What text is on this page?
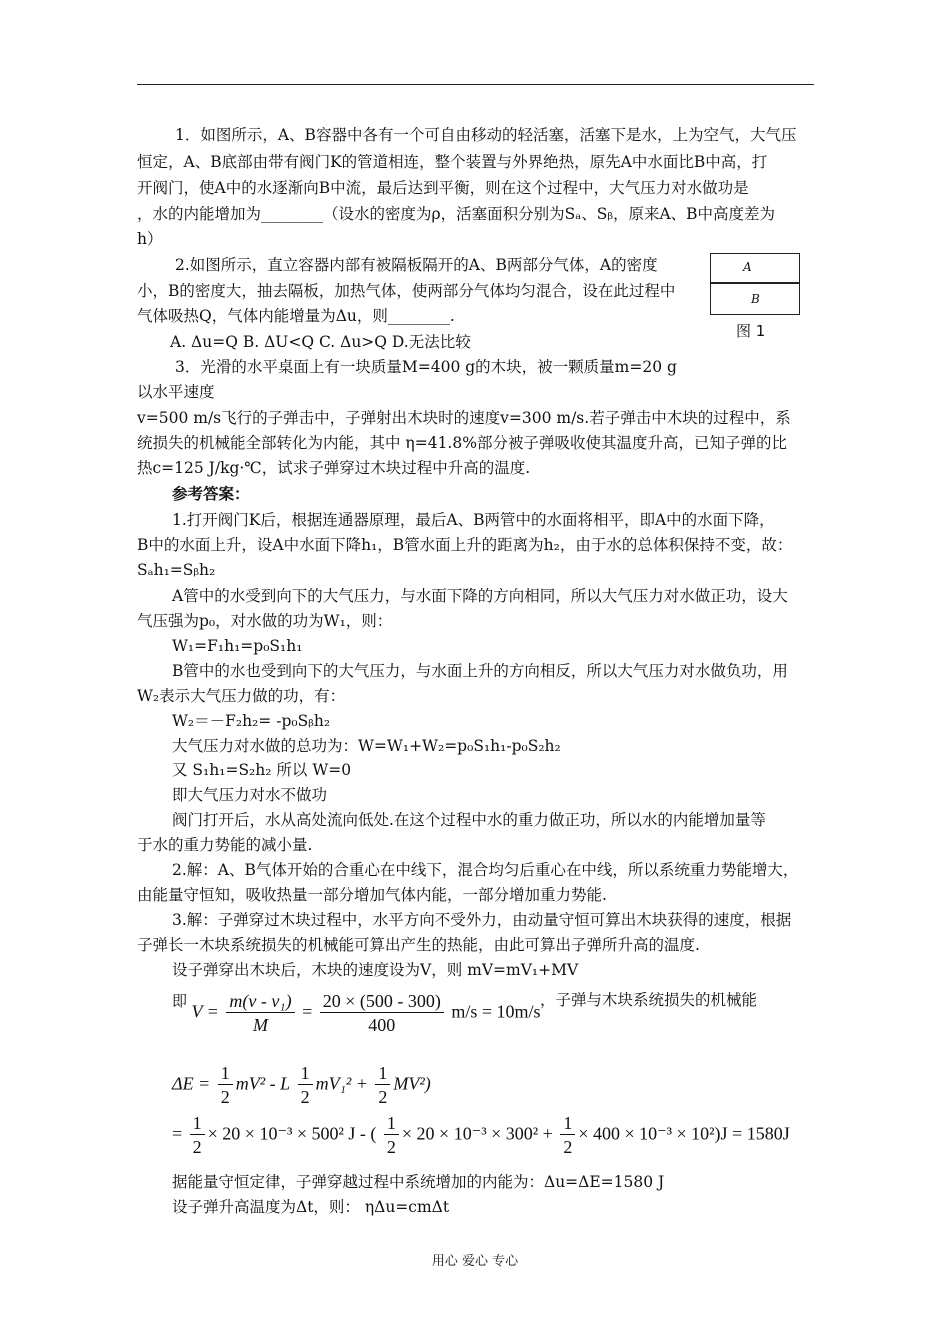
1．如图所示，A、B容器中各有一个可自由移动的轻活塞，活塞下是水，上为空气，大气压
恒定，A、B底部由带有阀门K的管道相连，整个装置与外界绝热，原先A中水面比B中高，打
开阀门，使A中的水逐渐向B中流，最后达到平衡，则在这个过程中，大气压力对水做功是
，水的内能增加为________（设水的密度为ρ，活塞面积分别为Sₐ、Sᵦ，原来A、B中高度差为
h）
2.如图所示，直立容器内部有被隔板隔开的A、B两部分气体，A的密度
小，B的密度大，抽去隔板，加热气体，使两部分气体均匀混合，设在此过程中
气体吸热Q，气体内能增量为Δu，则________.
A. Δu=Q B. ΔU<Q C. Δu>Q D.无法比较
A
B
图 1
3．光滑的水平桌面上有一块质量M=400 g的木块，被一颗质量m=20 g
以水平速度
v=500 m/s飞行的子弹击中，子弹射出木块时的速度v=300 m/s.若子弹击中木块的过程中，系
统损失的机械能全部转化为内能，其中 η=41.8%部分被子弹吸收使其温度升高，已知子弹的比
热c=125 J/kg·℃，试求子弹穿过木块过程中升高的温度.
参考答案：
1.打开阀门K后，根据连通器原理，最后A、B两管中的水面将相平，即A中的水面下降，
B中的水面上升，设A中水面下降h₁，B管水面上升的距离为h₂，由于水的总体积保持不变，故：
Sₐh₁=Sᵦh₂
A管中的水受到向下的大气压力，与水面下降的方向相同，所以大气压力对水做正功，设大
气压强为p₀，对水做的功为W₁，则：
W₁=F₁h₁=p₀S₁h₁
B管中的水也受到向下的大气压力，与水面上升的方向相反，所以大气压力对水做负功，用
W₂表示大气压力做的功，有：
W₂＝－F₂h₂= -p₀Sᵦh₂
大气压力对水做的总功为：W=W₁+W₂=p₀S₁h₁-p₀S₂h₂
又 S₁h₁=S₂h₂ 所以 W=0
即大气压力对水不做功
阀门打开后，水从高处流向低处.在这个过程中水的重力做正功，所以水的内能增加量等
于水的重力势能的减小量.
2.解：A、B气体开始的合重心在中线下，混合均匀后重心在中线，所以系统重力势能增大，
由能量守恒知，吸收热量一部分增加气体内能，一部分增加重力势能.
3.解：子弹穿过木块过程中，水平方向不受外力，由动量守恒可算出木块获得的速度，根据
子弹长一木块系统损失的机械能可算出产生的热能，由此可算出子弹所升高的温度.
设子弹穿出木块后，木块的速度设为V，则 mV=mV₁+MV
$^即$ $V = \frac{\text{m(v - v₁)}}{M} = \frac{20 \times (500 - 300)}{400} m/s = 10m/s$
，子弹与木块系统损失的机械能
$\Delta E = \frac{1}{2} mV^2 - L \frac{1}{2} mV_1^2 + \frac{1}{2} MV^2$)
= $\frac{1}{2} \times 20 \times 10^{-3} \times 500^2$ J - ( $\frac{1}{2} \times 20 \times 10^{-3} \times 300^2 + \frac{1}{2} \times 400 \times 10^{-3} \times 10^2)J = 1580J$
据能量守恒定律，子弹穿越过程中系统增加的内能为：Δu=ΔE=1580 J
设子弹升高温度为Δt，则： ηΔu=cmΔt
用心 爱心 专心
